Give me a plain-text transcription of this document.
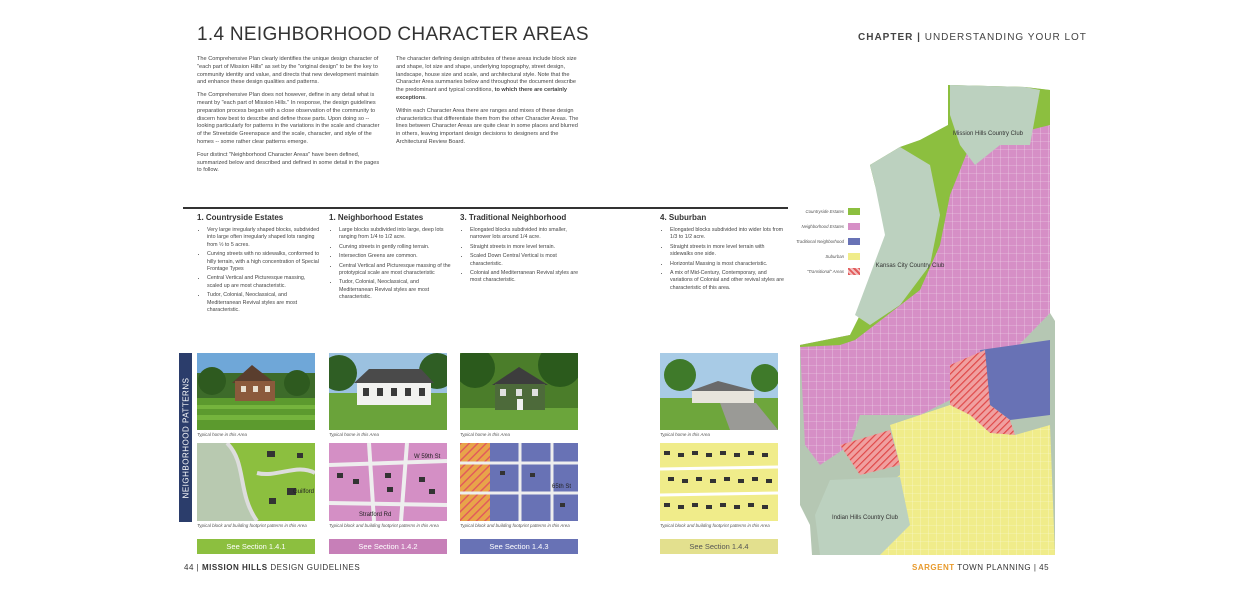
1.4 NEIGHBORHOOD CHARACTER AREAS	CHAPTER | UNDERSTANDING YOUR LOT

The Comprehensive Plan clearly identifies the unique design character of "each part of Mission Hills" as set by the "original design" to be the key to community identity and value, and directs that new development maintain and enhance these design qualities and patterns.

The Comprehensive Plan does not however, define in any detail what is meant by "each part of Mission Hills." In response, the design guidelines preparation process began with a close observation of the community to discern how best to describe and define those parts. Upon doing so -- looking particularly for patterns in the variations in the scale and character of the Streetside Greenspace and the scale, character, and style of the homes -- some rather clear patterns emerge.

Four distinct "Neighborhood Character Areas" have been defined, summarized below and described and defined in some detail in the pages to follow.

The character defining design attributes of these areas include block size and shape, lot size and shape, underlying topography, street design, landscape, house size and scale, and architectural style. Note that the Character Area summaries below and throughout the document describe the predominant and typical conditions, to which there are certainly exceptions.

Within each Character Area there are ranges and mixes of these design characteristics that differentiate them from the other Character Areas. The lines between Character Areas are quite clear in some places and blurred in others, leaving important design decisions to designers and the Architectural Review Board.

1. Countryside Estates
• Very large irregularly shaped blocks, subdivided into large often irregularly shaped lots ranging from ½ to 5 acres.
• Curving streets with no sidewalks, conformed to hilly terrain, with a high concentration of Special Frontage Types
• Central Vertical and Picturesque massing, scaled up are most characteristic.
• Tudor, Colonial, Neoclassical, and Mediterranean Revival styles are most characteristic.
1. Neighborhood Estates
• Large blocks subdivided into large, deep lots ranging from 1/4 to 1/2 acre.
• Curving streets in gently rolling terrain.
• Intersection Greens are common.
• Central Vertical and Picturesque massing of the prototypical scale are most characteristic
• Tudor, Colonial, Neoclassical, and Mediterranean Revival styles are most characteristic.
3. Traditional Neighborhood
• Elongated blocks subdivided into smaller, narrower lots around 1/4 acre.
• Straight streets in more level terrain.
• Scaled Down Central Vertical is most characteristic.
• Colonial and Mediterranean Revival styles are most characteristic.
4. Suburban
• Elongated blocks subdivided into wider lots from 1/3 to 1/2 acre.
• Straight streets in more level terrain with sidewalks one side.
• Horizontal Massing is most characteristic.
• A mix of Mid-Century, Contemporary, and variations of Colonial and other revival styles are characteristic of this area.
NEIGHBORHOOD PATTERNS Typical home in this Area	Typical home in this Area	Typical home in this Area	Typical home in this Area
Guilford
W 59th St
Stratford Rd
65th St
Typical block and building footprint patterns in this Area	Typical block and building footprint patterns in this Area	Typical block and building footprint patterns in this Area	Typical block and building footprint patterns in this Area
See Section 1.4.1	See Section 1.4.2	See Section 1.4.3	See Section 1.4.4
Countryside Estates
Neighborhood Estates
Traditional Neighborhood
Suburban
"Transitional" Areas
Mission Hills Country Club
Kansas City Country Club
Indian Hills Country Club
44 | MISSION HILLS DESIGN GUIDELINES	SARGENT TOWN PLANNING | 45
